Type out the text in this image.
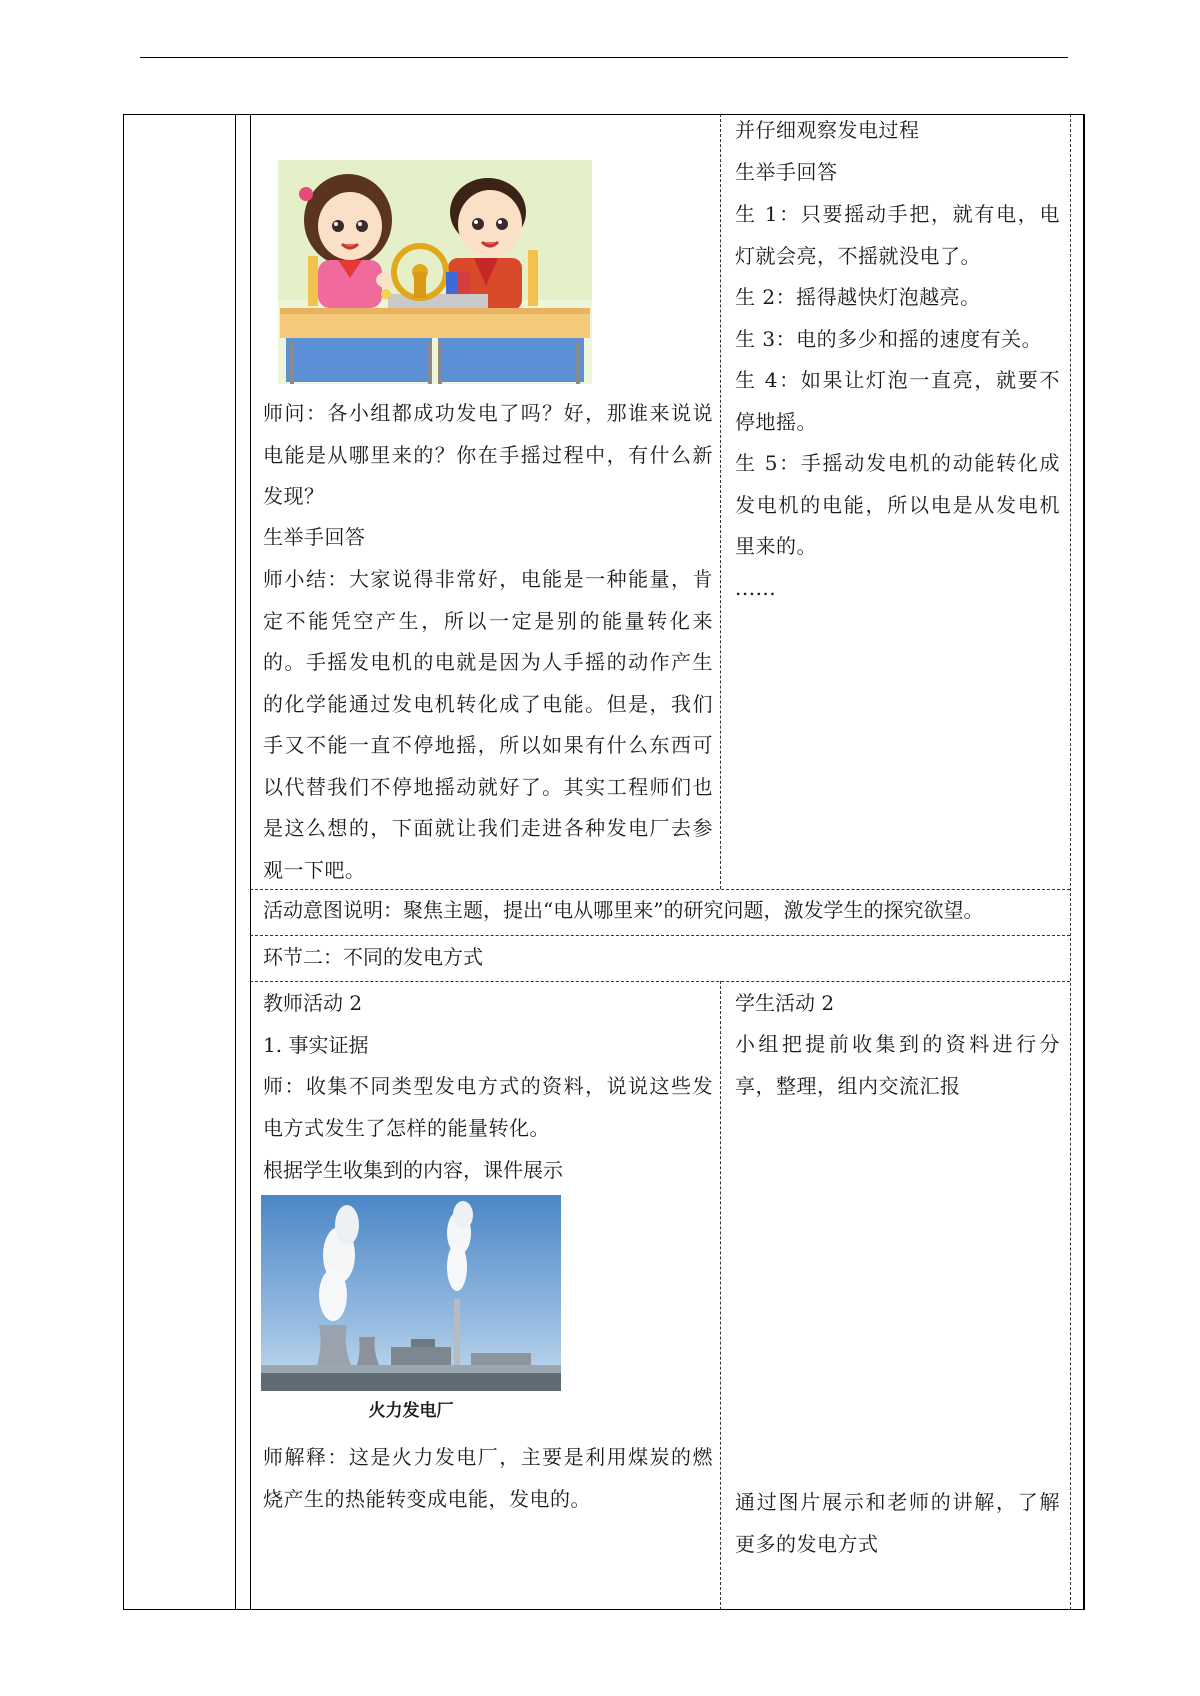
师问：各小组都成功发电了吗？好，那谁来说说电能是从哪里来的？你在手摇过程中，有什么新发现？
生举手回答
师小结：大家说得非常好，电能是一种能量，肯定不能凭空产生，所以一定是别的能量转化来的。手摇发电机的电就是因为人手摇的动作产生的化学能通过发电机转化成了电能。但是，我们手又不能一直不停地摇，所以如果有什么东西可以代替我们不停地摇动就好了。其实工程师们也是这么想的，下面就让我们走进各种发电厂去参观一下吧。
并仔细观察发电过程
生举手回答
生 1：只要摇动手把，就有电，电灯就会亮，不摇就没电了。
生 2：摇得越快灯泡越亮。
生 3：电的多少和摇的速度有关。
生 4：如果让灯泡一直亮，就要不停地摇。
生 5：手摇动发电机的动能转化成发电机的电能，所以电是从发电机里来的。
......
活动意图说明：聚焦主题，提出“电从哪里来”的研究问题，激发学生的探究欲望。
环节二：不同的发电方式
教师活动 2
1. 事实证据
师：收集不同类型发电方式的资料，说说这些发电方式发生了怎样的能量转化。
根据学生收集到的内容，课件展示
火力发电厂
师解释：这是火力发电厂，主要是利用煤炭的燃烧产生的热能转变成电能，发电的。
学生活动 2
小组把提前收集到的资料进行分享，整理，组内交流汇报
通过图片展示和老师的讲解，了解更多的发电方式
